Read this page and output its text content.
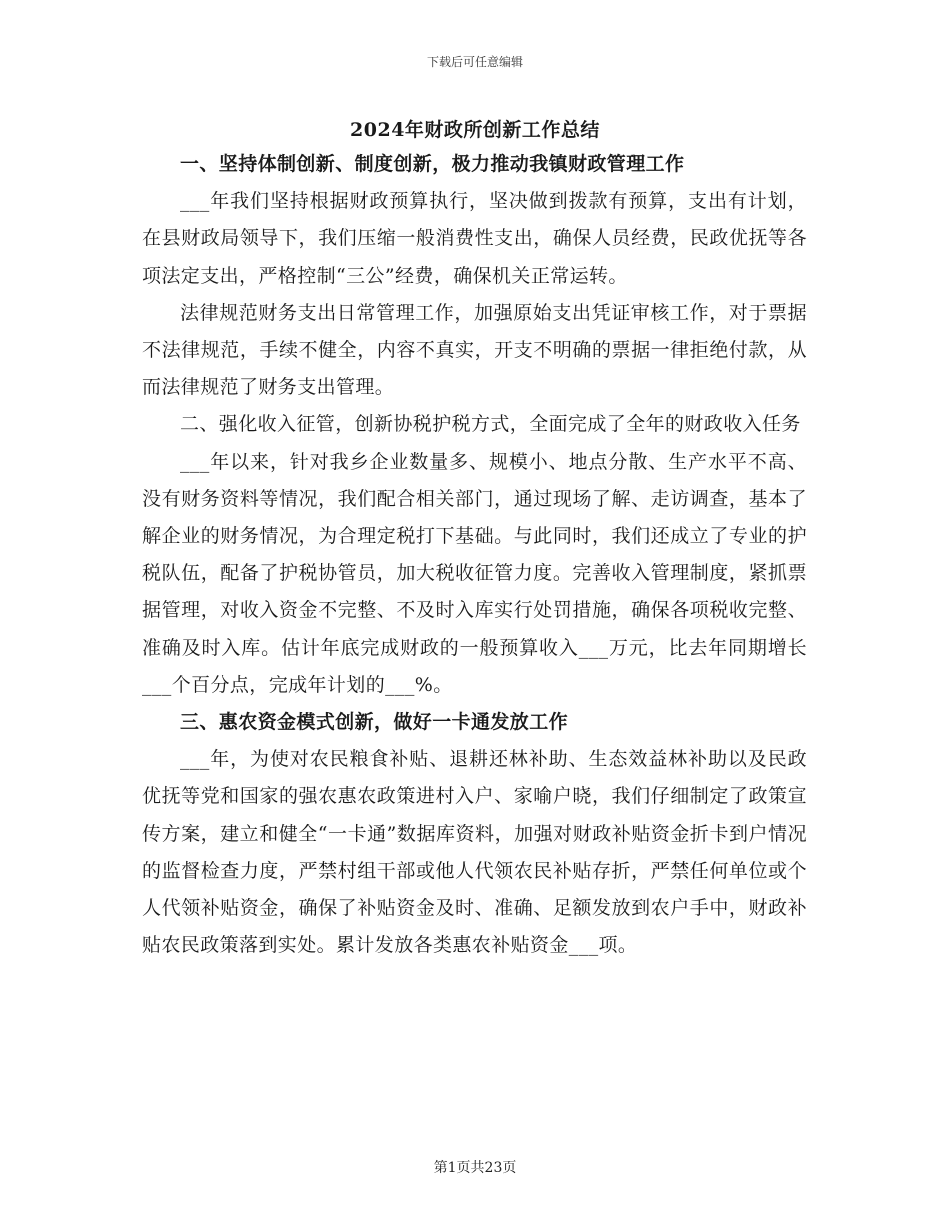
下载后可任意编辑
2024年财政所创新工作总结

一、坚持体制创新、制度创新，极力推动我镇财政管理工作

___年我们坚持根据财政预算执行，坚决做到拨款有预算，支出有计划，在县财政局领导下，我们压缩一般消费性支出，确保人员经费，民政优抚等各项法定支出，严格控制“三公”经费，确保机关正常运转。

法律规范财务支出日常管理工作，加强原始支出凭证审核工作，对于票据不法律规范，手续不健全，内容不真实，开支不明确的票据一律拒绝付款，从而法律规范了财务支出管理。

二、强化收入征管，创新协税护税方式，全面完成了全年的财政收入任务

___年以来，针对我乡企业数量多、规模小、地点分散、生产水平不高、没有财务资料等情况，我们配合相关部门，通过现场了解、走访调查，基本了解企业的财务情况，为合理定税打下基础。与此同时，我们还成立了专业的护税队伍，配备了护税协管员，加大税收征管力度。完善收入管理制度，紧抓票据管理，对收入资金不完整、不及时入库实行处罚措施，确保各项税收完整、准确及时入库。估计年底完成财政的一般预算收入___万元，比去年同期增长___个百分点，完成年计划的___%。

三、惠农资金模式创新，做好一卡通发放工作

___年，为使对农民粮食补贴、退耕还林补助、生态效益林补助以及民政优抚等党和国家的强农惠农政策进村入户、家喻户晓，我们仔细制定了政策宣传方案，建立和健全“一卡通”数据库资料，加强对财政补贴资金折卡到户情况的监督检查力度，严禁村组干部或他人代领农民补贴存折，严禁任何单位或个人代领补贴资金，确保了补贴资金及时、准确、足额发放到农户手中，财政补贴农民政策落到实处。累计发放各类惠农补贴资金___项。

第1页共23页
